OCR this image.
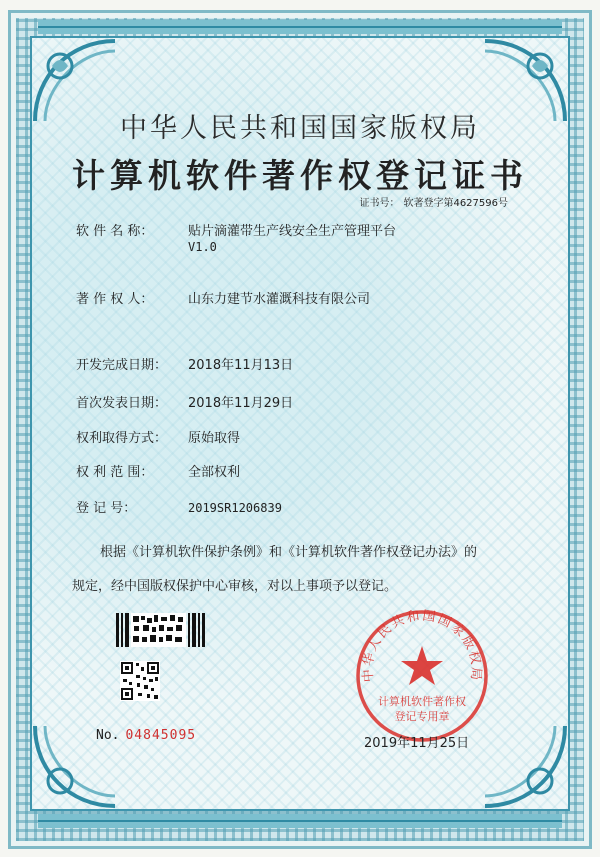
中华人民共和国国家版权局
计算机软件著作权登记证书
证书号： 软著登字第4627596号
软 件 名 称：	贴片滴灌带生产线安全生产管理平台
V1.0
著 作 权 人：	山东力建节水灌溉科技有限公司
开发完成日期： 2018年11月13日
首次发表日期： 2018年11月29日
权利取得方式： 原始取得
权 利 范 围：	全部权利
登 记 号：	2019SR1206839
根据《计算机软件保护条例》和《计算机软件著作权登记办法》的
规定，经中国版权保护中心审核，对以上事项予以登记。
No. 04845095
中华人民共和国国家版权局
计算机软件著作权
登记专用章
2019年11月25日
